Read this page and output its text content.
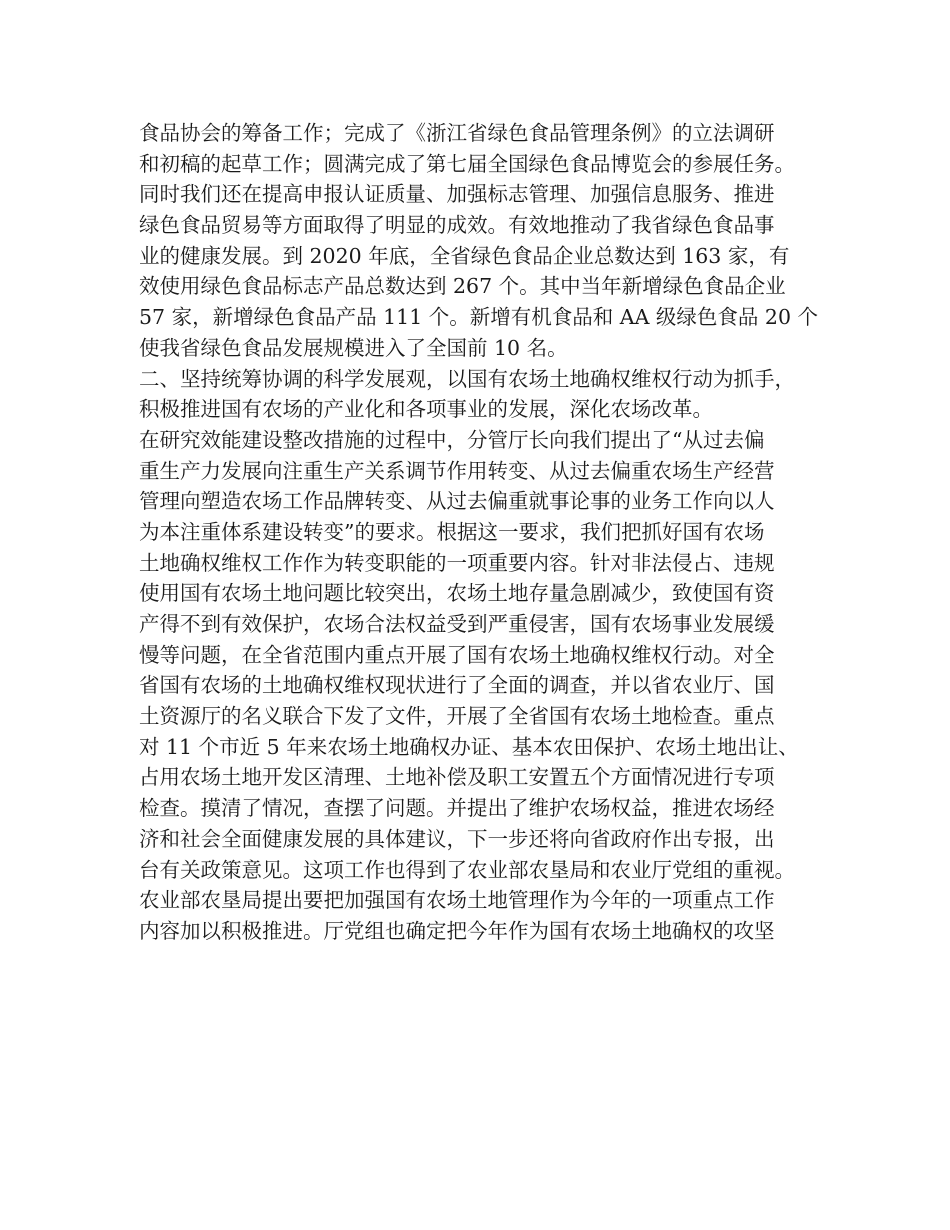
食品协会的筹备工作；完成了《浙江省绿色食品管理条例》的立法调研
和初稿的起草工作；圆满完成了第七届全国绿色食品博览会的参展任务。
同时我们还在提高申报认证质量、加强标志管理、加强信息服务、推进
绿色食品贸易等方面取得了明显的成效。有效地推动了我省绿色食品事
业的健康发展。到 2020 年底，全省绿色食品企业总数达到 163 家，有
效使用绿色食品标志产品总数达到 267 个。其中当年新增绿色食品企业
57 家，新增绿色食品产品 111 个。新增有机食品和 AA 级绿色食品 20 个
使我省绿色食品发展规模进入了全国前 10 名。
二、坚持统筹协调的科学发展观，以国有农场土地确权维权行动为抓手，
积极推进国有农场的产业化和各项事业的发展，深化农场改革。
在研究效能建设整改措施的过程中，分管厅长向我们提出了“从过去偏
重生产力发展向注重生产关系调节作用转变、从过去偏重农场生产经营
管理向塑造农场工作品牌转变、从过去偏重就事论事的业务工作向以人
为本注重体系建设转变”的要求。根据这一要求，我们把抓好国有农场
土地确权维权工作作为转变职能的一项重要内容。针对非法侵占、违规
使用国有农场土地问题比较突出，农场土地存量急剧减少，致使国有资
产得不到有效保护，农场合法权益受到严重侵害，国有农场事业发展缓
慢等问题，在全省范围内重点开展了国有农场土地确权维权行动。对全
省国有农场的土地确权维权现状进行了全面的调查，并以省农业厅、国
土资源厅的名义联合下发了文件，开展了全省国有农场土地检查。重点
对 11 个市近 5 年来农场土地确权办证、基本农田保护、农场土地出让、
占用农场土地开发区清理、土地补偿及职工安置五个方面情况进行专项
检查。摸清了情况，查摆了问题。并提出了维护农场权益，推进农场经
济和社会全面健康发展的具体建议，下一步还将向省政府作出专报，出
台有关政策意见。这项工作也得到了农业部农垦局和农业厅党组的重视。
农业部农垦局提出要把加强国有农场土地管理作为今年的一项重点工作
内容加以积极推进。厅党组也确定把今年作为国有农场土地确权的攻坚
